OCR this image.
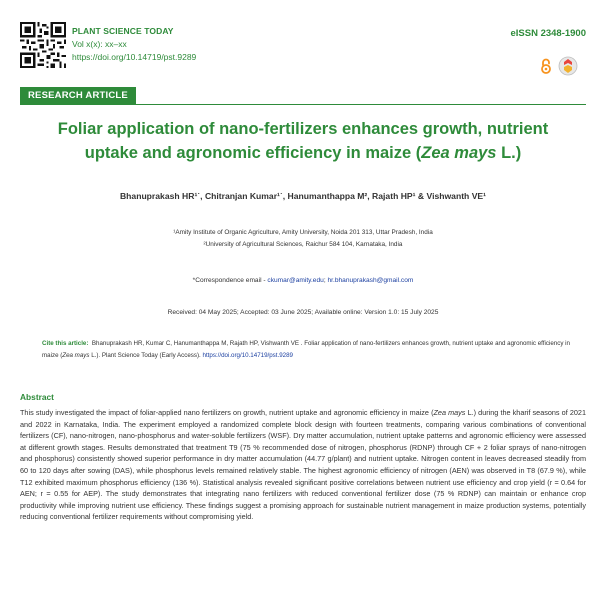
PLANT SCIENCE TODAY
Vol x(x): xx–xx
https://doi.org/10.14719/pst.9289
eISSN 2348-1900
RESEARCH ARTICLE
Foliar application of nano-fertilizers enhances growth, nutrient uptake and agronomic efficiency in maize (Zea mays L.)
Bhanuprakash HR¹˙, Chitranjan Kumar¹˙, Hanumanthappa M², Rajath HP¹ & Vishwanth VE¹
¹Amity Institute of Organic Agriculture, Amity University, Noida 201 313, Uttar Pradesh, India
²University of Agricultural Sciences, Raichur 584 104, Karnataka, India
*Correspondence email - ckumar@amity.edu; hr.bhanuprakash@gmail.com
Received: 04 May 2025; Accepted: 03 June 2025; Available online: Version 1.0: 15 July 2025
Cite this article: Bhanuprakash HR, Kumar C, Hanumanthappa M, Rajath HP, Vishwanth VE . Foliar application of nano-fertilizers enhances growth, nutrient uptake and agronomic efficiency in maize (Zea mays L.). Plant Science Today (Early Access). https://doi.org/10.14719/pst.9289
Abstract

This study investigated the impact of foliar-applied nano fertilizers on growth, nutrient uptake and agronomic efficiency in maize (Zea mays L.) during the kharif seasons of 2021 and 2022 in Karnataka, India. The experiment employed a randomized complete block design with fourteen treatments, comparing various combinations of conventional fertilizers (CF), nano-nitrogen, nano-phosphorus and water-soluble fertilizers (WSF). Dry matter accumulation, nutrient uptake patterns and agronomic efficiency were assessed at different growth stages. Results demonstrated that treatment T9 (75 % recommended dose of nitrogen, phosphorus (RDNP) through CF + 2 foliar sprays of nano-nitrogen and phosphorus) consistently showed superior performance in dry matter accumulation (44.77 g/plant) and nutrient uptake. Nitrogen content in leaves decreased steadily from 60 to 120 days after sowing (DAS), while phosphorus levels remained relatively stable. The highest agronomic efficiency of nitrogen (AEN) was observed in T8 (67.9 %), while T12 exhibited maximum phosphorus efficiency (136 %). Statistical analysis revealed significant positive correlations between nutrient use efficiency and crop yield (r = 0.64 for AEN; r = 0.55 for AEP). The study demonstrates that integrating nano fertilizers with reduced conventional fertilizer dose (75 % RDNP) can maintain or enhance crop productivity while improving nutrient use efficiency. These findings suggest a promising approach for sustainable nutrient management in maize production systems, potentially reducing conventional fertilizer requirements without compromising yield.
